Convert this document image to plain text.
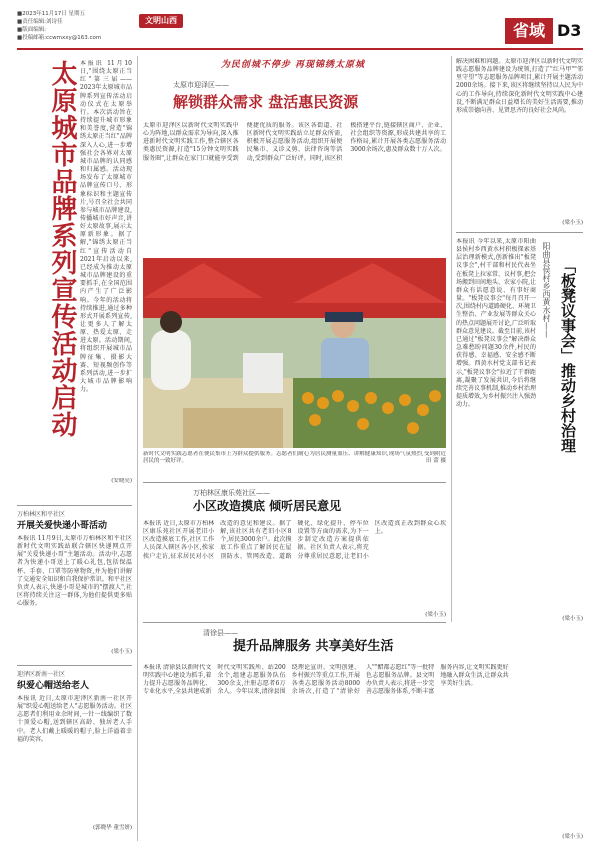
■2023年11月17日 星期五
■责任编辑:刘诗佳
■版面编辑:
■投稿邮箱:ccwmxxy@163.com
文明山西
省域 D3
太原城市品牌系列宣传活动启动 本报讯 11月10日,"围绕太原正当红"第三届——2023年太原城市品牌系列宣传活动启动仪式在太原举行。本次活动旨在持续提升城市形象和美誉度,营造"锦绣太原正当红"品牌深入人心,进一步增强社会各界对太原城市品牌的认同感和归属感。活动现场发布了太原城市品牌宣传口号、形象标识和主题宣传片,号召全社会共同参与城市品牌建设,传播城市好声音,讲好太原故事,展示太原新形象。据了解,"锦绣太原正当红"宣传活动自2021年启动以来,已经成为推动太原城市品牌建设的重要抓手,在全国范围内产生了广泛影响。今年的活动将持续推进,通过多种形式开展系列宣传,让更多人了解太原、热爱太原、走进太原。活动期间,将组织开展城市品牌征集、摄影大赛、短视频创作等系列活动,进一步扩大城市品牌影响力。
(安晓亮)
万柏林区和平社区
开展关爱快递小哥活动
本报讯 11月9日,太原市万柏林区和平社区新时代文明实践站联合辖区快递网点开展"关爱快递小哥"主题活动。活动中,志愿者为快递小哥送上了暖心礼包,包括保温杯、手套、口罩等防寒物资,并为他们讲解了交通安全知识和自我保护常识。和平社区负责人表示,快递小哥是城市的"摆渡人",社区将持续关注这一群体,为他们提供更多贴心服务。
(梁小玉)
迎泽区新南一社区
织爱心帽送给老人
本报讯 近日,太原市迎泽区新南一社区开展"织爱心帽送给老人"志愿服务活动。社区志愿者们利用业余时间,一针一线编织了数十顶爱心帽,送到辖区高龄、独居老人手中。老人们戴上暖暖的帽子,脸上洋溢着幸福的笑容。
(郭晓华 董雪妍)
为民创城不停步 再现锦绣太原城
太原市迎泽区——
解锁群众需求 盘活惠民资源
太原市迎泽区以新时代文明实践中心为阵地,以群众需求为导向,深入推进新时代文明实践工作,整合辖区各类惠民资源,打造"15分钟文明实践服务圈",让群众在家门口就能享受到便捷优质的服务。该区各街道、社区新时代文明实践站立足群众所需,积极开展志愿服务活动,组织开展便民集市、义诊义剪、法律咨询等活动,受到群众广泛好评。同时,该区积极搭建平台,链接辖区商户、企业、社会组织等资源,形成共建共享的工作格局,累计开展各类志愿服务活动3000余场次,惠及群众数十万人次。
新时代文明实践志愿者在便民集市上为群众提供服务。志愿者们耐心为居民测量血压、讲解健康知识,现场气氛热烈,受到附近居民的一致好评。	田 蕾 摄
万柏林区康乐苑社区——
小区改造摸底 倾听居民意见
本报讯 近日,太原市万柏林区康乐苑社区开展老旧小区改造摸底工作,社区工作人员深入辖区各小区,挨家挨户走访,征求居民对小区改造的意见和建议。据了解,该社区共有老旧小区8个,居民3000余户。此次摸底工作重点了解居民在屋顶防水、管网改造、道路硬化、绿化提升、停车位设置等方面的需求,为下一步制定改造方案提供依据。社区负责人表示,将充分尊重居民意愿,让老旧小区改造真正改到群众心坎上。
(梁小玉)
清徐县——
提升品牌服务 共享美好生活
本报讯 清徐县以新时代文明实践中心建设为抓手,着力提升志愿服务品牌化、专业化水平,全县共建成新时代文明实践所、站200余个,组建志愿服务队伍300余支,注册志愿者6万余人。今年以来,清徐县围绕理论宣讲、文明创建、乡村振兴等重点工作,开展各类志愿服务活动8000余场次,打造了"清徐好人""醋都志愿红"等一批特色志愿服务品牌。县文明办负责人表示,将进一步完善志愿服务体系,不断丰富服务内容,让文明实践更好地融入群众生活,让群众共享美好生活。
(梁小玉)
解决困难和问题。太原市迎泽区以新时代文明实践志愿服务品牌建设为统领,打造了"红马甲""邻里守望"等志愿服务品牌项目,累计开展主题活动2000余场。接下来,该区将继续坚持以人民为中心的工作导向,持续深化新时代文明实践中心建设,不断满足群众日益增长的美好生活需要,推动形成崇德向善、见贤思齐的良好社会风尚。
(梁小玉)
本报讯 今年以来,太原市阳曲县侯村乡西黄水村积极探索基层治理新模式,创新推出"板凳议事会",村干部和村民代表坐在板凳上拉家常、议村事,把会场搬到田间地头、农家小院,让群众有话愿意说、有事好商量。"板凳议事会"每月召开一次,围绕村内道路硬化、环境卫生整治、产业发展等群众关心的热点问题展开讨论,广泛听取群众意见建议。截至目前,该村已通过"板凳议事会"解决群众急难愁盼问题30余件,村民的获得感、幸福感、安全感不断增强。西黄水村党支部书记表示,"板凳议事会"拉近了干群距离,凝聚了发展共识,今后将继续完善议事机制,推动乡村治理提质增效,为乡村振兴注入强劲动力。
阳曲县侯村乡西黄水村—— 「板凳议事会」推动乡村治理
(梁小玉)
